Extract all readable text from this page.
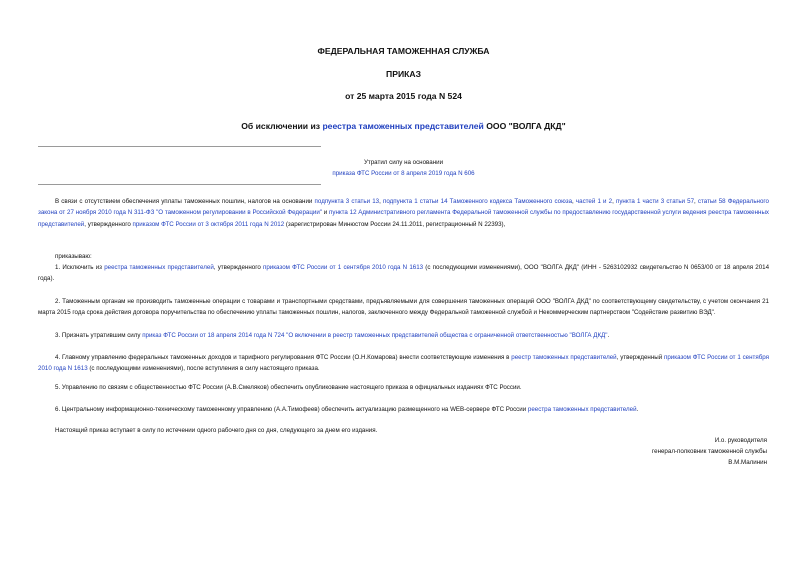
ФЕДЕРАЛЬНАЯ ТАМОЖЕННАЯ СЛУЖБА
ПРИКАЗ
от 25 марта 2015 года N 524
Об исключении из реестра таможенных представителей ООО "ВОЛГА ДКД"
Утратил силу на основании
приказа ФТС России от 8 апреля 2019 года N 606
В связи с отсутствием обеспечения уплаты таможенных пошлин, налогов на основании подпункта 3 статьи 13, подпункта 1 статьи 14 Таможенного кодекса Таможенного союза, частей 1 и 2, пункта 1 части 3 статьи 57, статьи 58 Федерального закона от 27 ноября 2010 года N 311-ФЗ "О таможенном регулировании в Российской Федерации" и пункта 12 Административного регламента Федеральной таможенной службы по предоставлению государственной услуги ведения реестра таможенных представителей, утвержденного приказом ФТС России от 3 октября 2011 года N 2012 (зарегистрирован Минюстом России 24.11.2011, регистрационный N 22393),
приказываю:
1. Исключить из реестра таможенных представителей, утвержденного приказом ФТС России от 1 сентября 2010 года N 1613 (с последующими изменениями), ООО "ВОЛГА ДКД" (ИНН - 5263102932 свидетельство N 0653/00 от 18 апреля 2014 года).
2. Таможенным органам не производить таможенные операции с товарами и транспортными средствами, предъявляемыми для совершения таможенных операций ООО "ВОЛГА ДКД" по соответствующему свидетельству, с учетом окончания 21 марта 2015 года срока действия договора поручительства по обеспечению уплаты таможенных пошлин, налогов, заключенного между Федеральной таможенной службой и Некоммерческим партнерством "Содействие развитию ВЭД".
3. Признать утратившим силу приказ ФТС России от 18 апреля 2014 года N 724 "О включении в реестр таможенных представителей общества с ограниченной ответственностью "ВОЛГА ДКД".
4. Главному управлению федеральных таможенных доходов и тарифного регулирования ФТС России (О.Н.Комарова) внести соответствующие изменения в реестр таможенных представителей, утвержденный приказом ФТС России от 1 сентября 2010 года N 1613 (с последующими изменениями), после вступления в силу настоящего приказа.
5. Управлению по связям с общественностью ФТС России (А.В.Смеляков) обеспечить опубликование настоящего приказа в официальных изданиях ФТС России.
6. Центральному информационно-техническому таможенному управлению (А.А.Тимофеев) обеспечить актуализацию размещенного на WEB-сервере ФТС России реестра таможенных представителей.
Настоящий приказ вступает в силу по истечении одного рабочего дня со дня, следующего за днем его издания.
И.о. руководителя
генерал-полковник таможенной службы
В.М.Малинин
